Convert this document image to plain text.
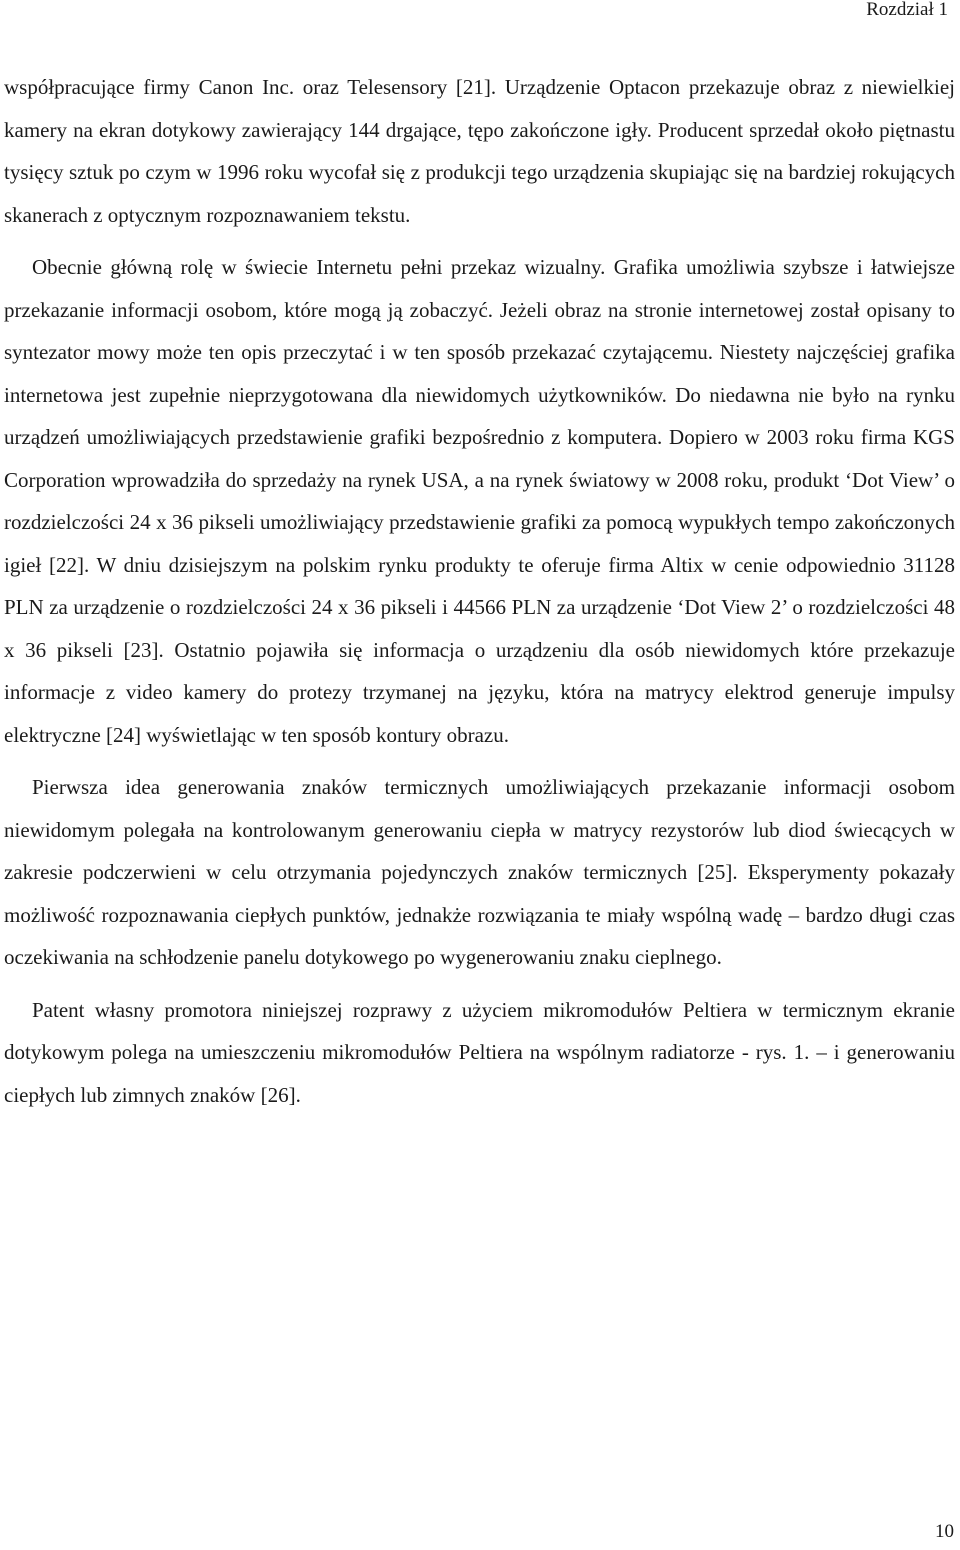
Rozdział 1

współpracujące firmy Canon Inc. oraz Telesensory [21]. Urządzenie Optacon przekazuje obraz z niewielkiej kamery na ekran dotykowy zawierający 144 drgające, tępo zakończone igły. Producent sprzedał około piętnastu tysięcy sztuk po czym w 1996 roku wycofał się z produkcji tego urządzenia skupiając się na bardziej rokujących skanerach z optycznym rozpoznawaniem tekstu.

Obecnie główną rolę w świecie Internetu pełni przekaz wizualny. Grafika umożliwia szybsze i łatwiejsze przekazanie informacji osobom, które mogą ją zobaczyć. Jeżeli obraz na stronie internetowej został opisany to syntezator mowy może ten opis przeczytać i w ten sposób przekazać czytającemu. Niestety najczęściej grafika internetowa jest zupełnie nieprzygotowana dla niewidomych użytkowników. Do niedawna nie było na rynku urządzeń umożliwiających przedstawienie grafiki bezpośrednio z komputera. Dopiero w 2003 roku firma KGS Corporation wprowadziła do sprzedaży na rynek USA, a na rynek światowy w 2008 roku, produkt ‘Dot View’ o rozdzielczości 24 x 36 pikseli umożliwiający przedstawienie grafiki za pomocą wypukłych tempo zakończonych igieł [22]. W dniu dzisiejszym na polskim rynku produkty te oferuje firma Altix w cenie odpowiednio 31128 PLN za urządzenie o rozdzielczości 24 x 36 pikseli i 44566 PLN za urządzenie ‘Dot View 2’ o rozdzielczości 48 x 36 pikseli [23]. Ostatnio pojawiła się informacja o urządzeniu dla osób niewidomych które przekazuje informacje z video kamery do protezy trzymanej na języku, która na matrycy elektrod generuje impulsy elektryczne [24] wyświetlając w ten sposób kontury obrazu.

Pierwsza idea generowania znaków termicznych umożliwiających przekazanie informacji osobom niewidomym polegała na kontrolowanym generowaniu ciepła w matrycy rezystorów lub diod świecących w zakresie podczerwieni w celu otrzymania pojedynczych znaków termicznych [25]. Eksperymenty pokazały możliwość rozpoznawania ciepłych punktów, jednakże rozwiązania te miały wspólną wadę – bardzo długi czas oczekiwania na schłodzenie panelu dotykowego po wygenerowaniu znaku cieplnego.

Patent własny promotora niniejszej rozprawy z użyciem mikromodułów Peltiera w termicznym ekranie dotykowym polega na umieszczeniu mikromodułów Peltiera na wspólnym radiatorze - rys. 1. – i generowaniu ciepłych lub zimnych znaków [26].

10
